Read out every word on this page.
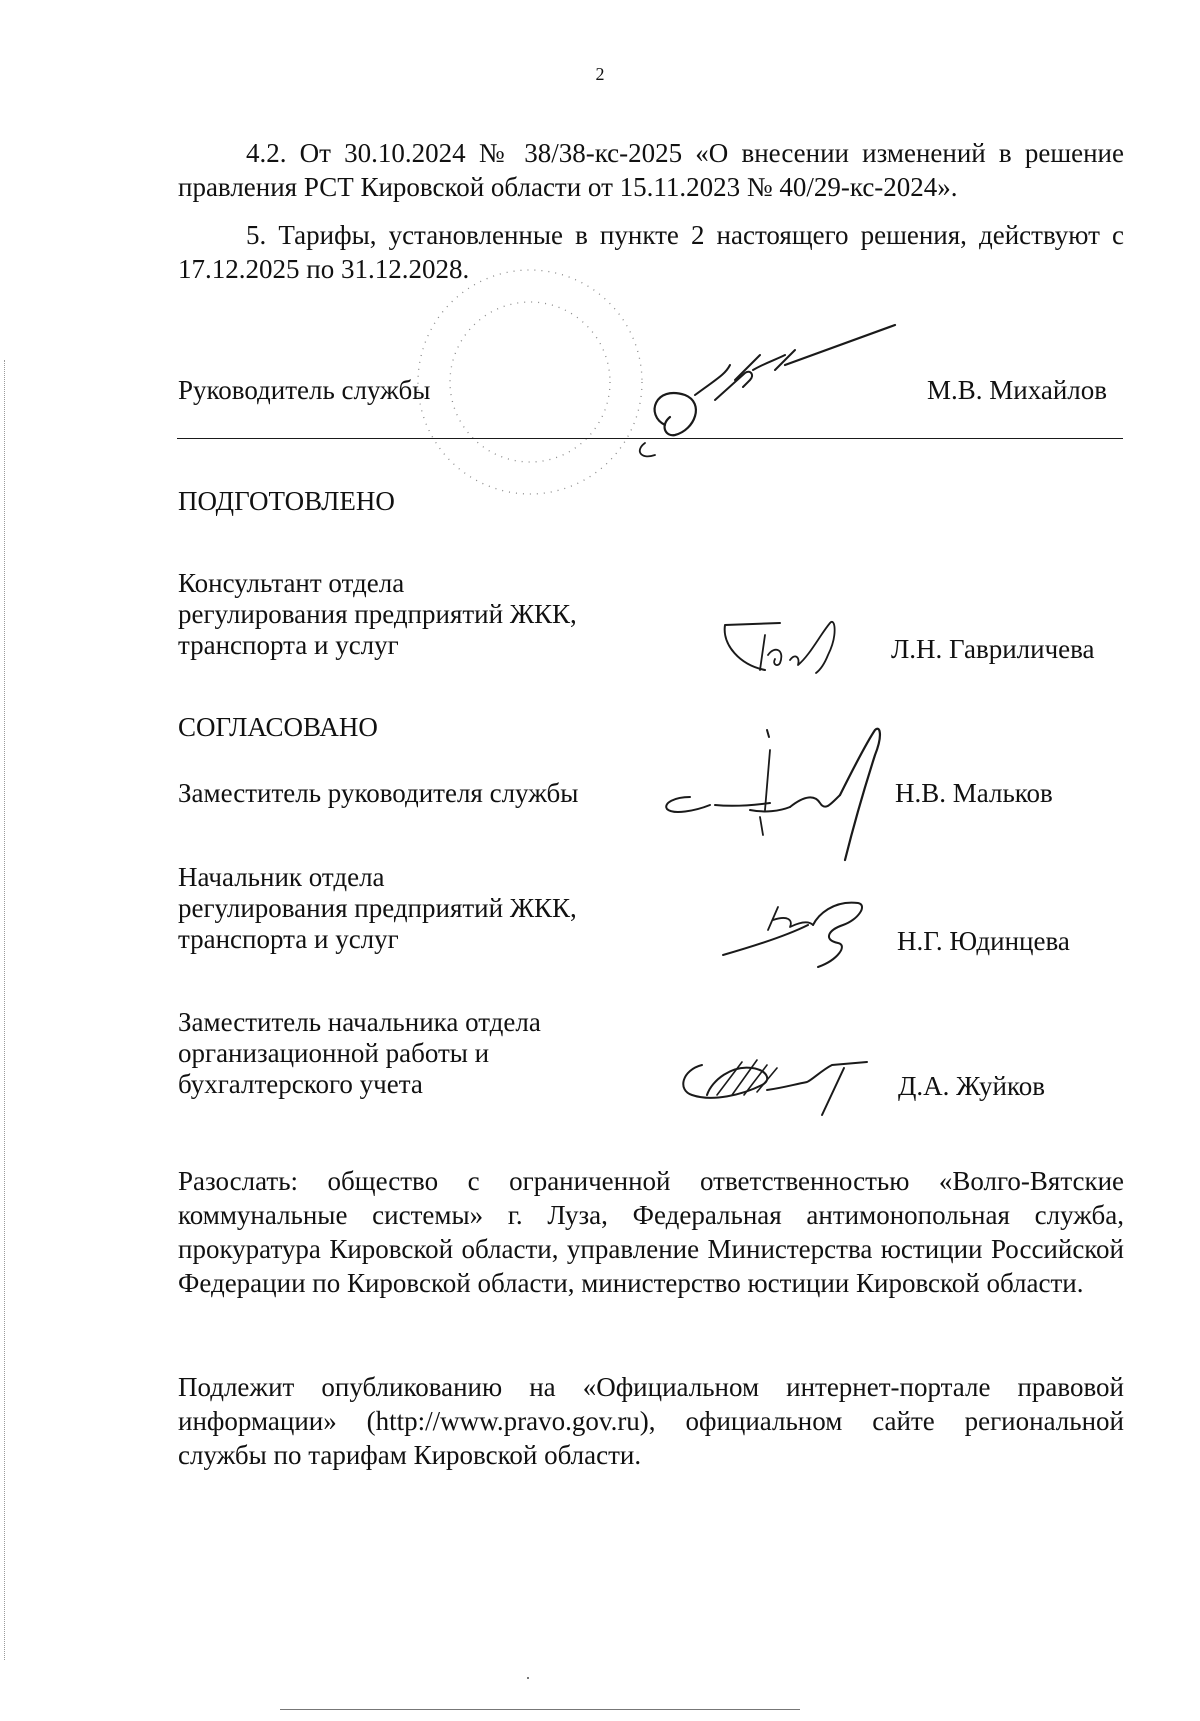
2
4.2. От 30.10.2024 № 38/38-кс-2025 «О внесении изменений в решение правления РСТ Кировской области от 15.11.2023 № 40/29-кс-2024».
5. Тарифы, установленные в пункте 2 настоящего решения, действуют с 17.12.2025 по 31.12.2028.
Руководитель службы	М.В. Михайлов
ПОДГОТОВЛЕНО
Консультант отдела
регулирования предприятий ЖКК,
транспорта и услуг	Л.Н. Гавриличева
СОГЛАСОВАНО
Заместитель руководителя службы	Н.В. Мальков
Начальник отдела
регулирования предприятий ЖКК,
транспорта и услуг	Н.Г. Юдинцева
Заместитель начальника отдела
организационной работы и
бухгалтерского учета	Д.А. Жуйков
Разослать: общество с ограниченной ответственностью «Волго-Вятские коммунальные системы» г. Луза, Федеральная антимонопольная служба, прокуратура Кировской области, управление Министерства юстиции Российской Федерации по Кировской области, министерство юстиции Кировской области.
Подлежит опубликованию на «Официальном интернет-портале правовой информации» (http://www.pravo.gov.ru), официальном сайте региональной службы по тарифам Кировской области.
